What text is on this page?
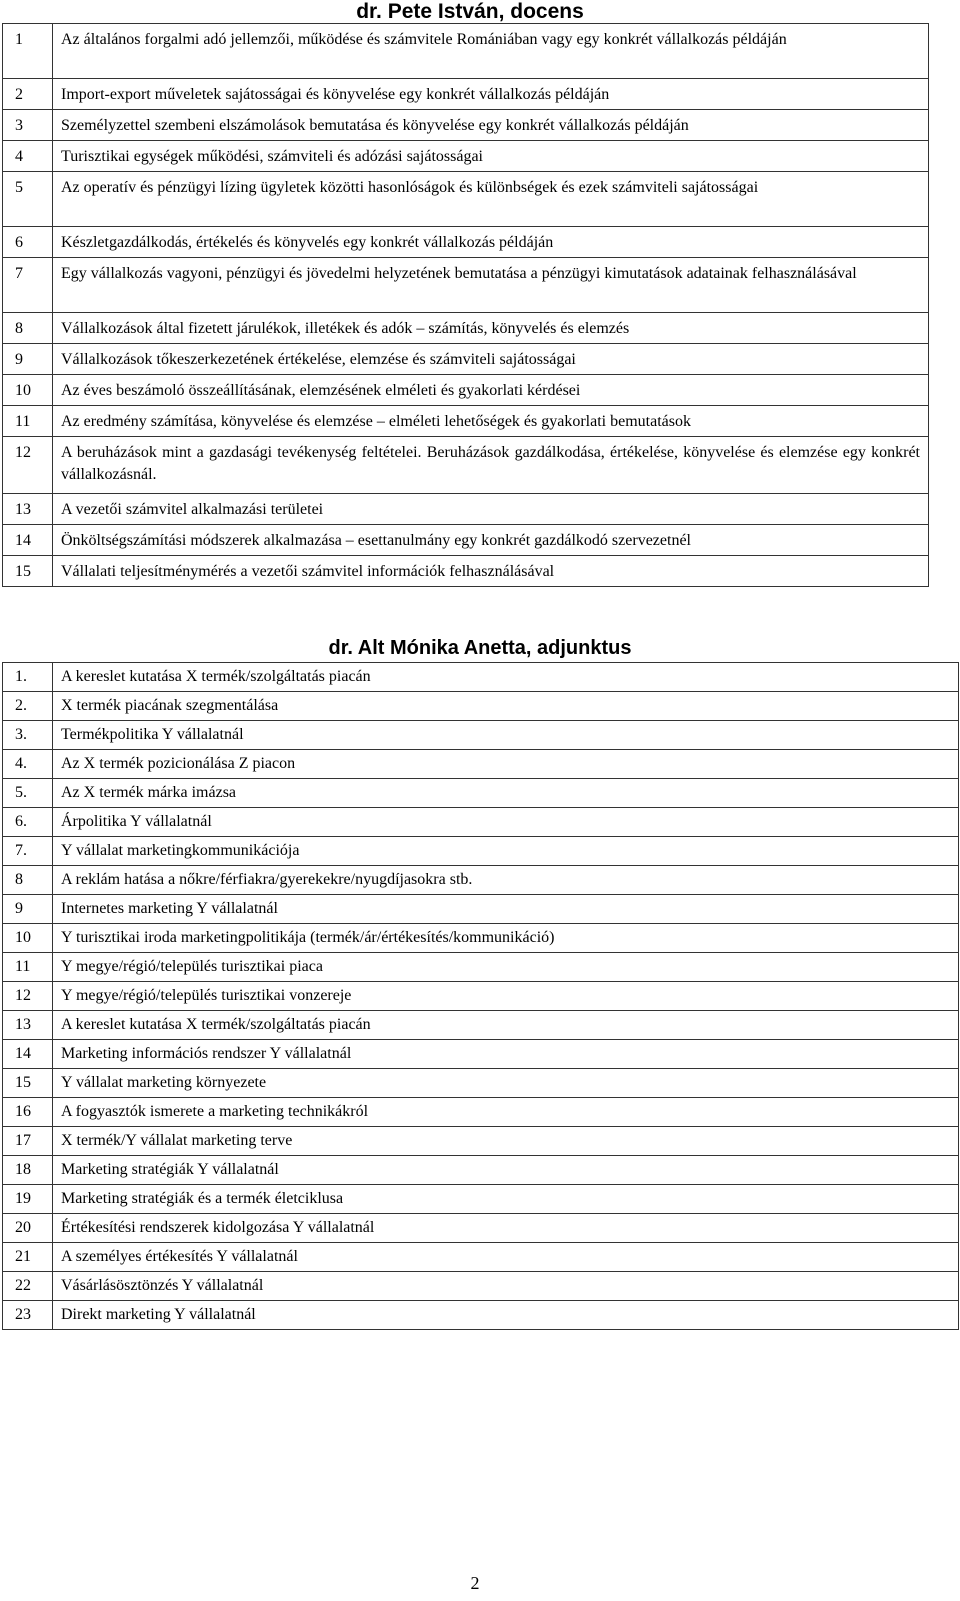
dr. Pete István, docens
1	Az általános forgalmi adó jellemzői, működése és számvitele Romániában vagy egy konkrét vállalkozás példáján
2	Import-export műveletek sajátosságai és könyvelése egy konkrét vállalkozás példáján
3	Személyzettel szembeni elszámolások bemutatása és könyvelése egy konkrét vállalkozás példáján
4	Turisztikai egységek működési, számviteli és adózási sajátosságai
5	Az operatív és pénzügyi lízing ügyletek közötti hasonlóságok és különbségek és ezek számviteli sajátosságai
6	Készletgazdálkodás, értékelés és könyvelés egy konkrét vállalkozás példáján
7	Egy vállalkozás vagyoni, pénzügyi és jövedelmi helyzetének bemutatása a pénzügyi kimutatások adatainak felhasználásával
8	Vállalkozások által fizetett járulékok, illetékek és adók – számítás, könyvelés és elemzés
9	Vállalkozások tőkeszerkezetének értékelése, elemzése és számviteli sajátosságai
10	Az éves beszámoló összeállításának, elemzésének elméleti és gyakorlati kérdései
11	Az eredmény számítása, könyvelése és elemzése – elméleti lehetőségek és gyakorlati bemutatások
12	A beruházások mint a gazdasági tevékenység feltételei. Beruházások gazdálkodása, értékelése, könyvelése és elemzése egy konkrét vállalkozásnál.
13	A vezetői számvitel alkalmazási területei
14	Önköltségszámítási módszerek alkalmazása – esettanulmány egy konkrét gazdálkodó szervezetnél
15	Vállalati teljesítménymérés a vezetői számvitel információk felhasználásával
dr. Alt Mónika Anetta, adjunktus
1.	A kereslet kutatása X termék/szolgáltatás piacán
2.	X termék piacának szegmentálása
3.	Termékpolitika Y vállalatnál
4.	Az X termék pozicionálása Z piacon
5.	Az X termék márka imázsa
6.	Árpolitika Y vállalatnál
7.	Y vállalat marketingkommunikációja
8	A reklám hatása a nőkre/férfiakra/gyerekekre/nyugdíjasokra stb.
9	Internetes marketing Y vállalatnál
10	Y turisztikai iroda marketingpolitikája (termék/ár/értékesítés/kommunikáció)
11	Y megye/régió/település turisztikai piaca
12	Y megye/régió/település turisztikai vonzereje
13	A kereslet kutatása X termék/szolgáltatás piacán
14	Marketing információs rendszer Y vállalatnál
15	Y vállalat marketing környezete
16	A fogyasztók ismerete a marketing technikákról
17	X termék/Y vállalat marketing terve
18	Marketing stratégiák Y vállalatnál
19	Marketing stratégiák és a termék életciklusa
20	Értékesítési rendszerek kidolgozása Y vállalatnál
21	A személyes értékesítés Y vállalatnál
22	Vásárlásösztönzés Y vállalatnál
23	Direkt marketing Y vállalatnál
2
